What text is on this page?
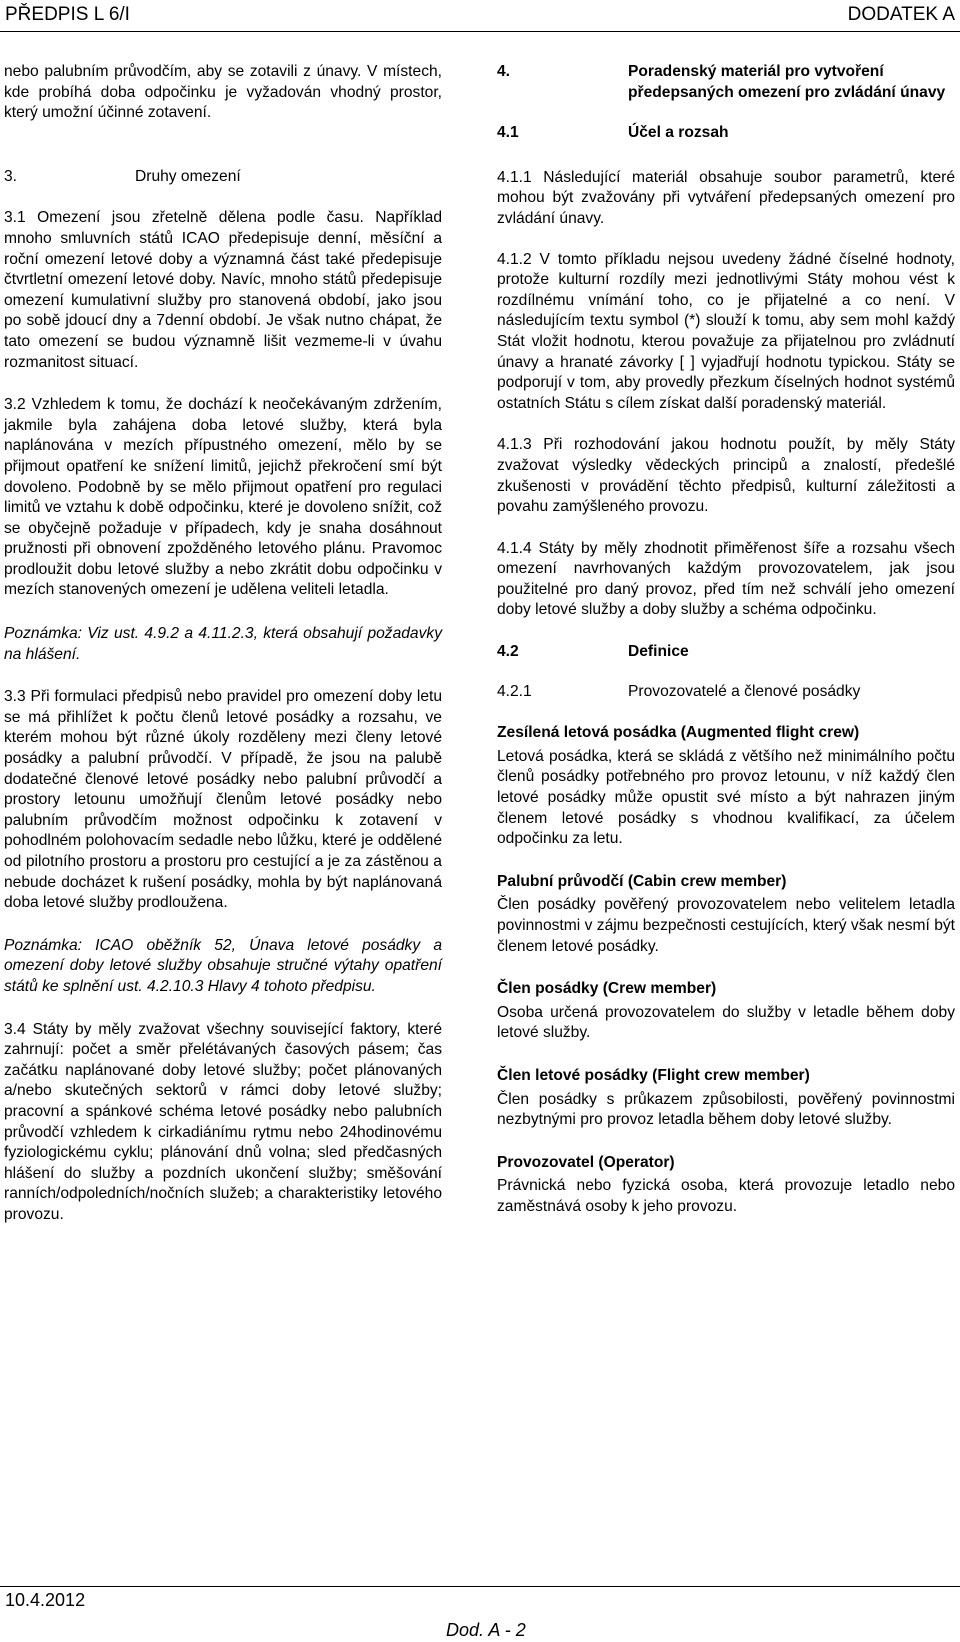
PŘEDPIS L 6/I	DODATEK A

nebo palubním průvodčím, aby se zotavili z únavy. V místech, kde probíhá doba odpočinku je vyžadován vhodný prostor, který umožní účinné zotavení.

3.	Druhy omezení

3.1 Omezení jsou zřetelně dělena podle času. Například mnoho smluvních států ICAO předepisuje denní, měsíční a roční omezení letové doby a významná část také předepisuje čtvrtletní omezení letové doby. Navíc, mnoho států předepisuje omezení kumulativní služby pro stanovená období, jako jsou po sobě jdoucí dny a 7denní období. Je však nutno chápat, že tato omezení se budou významně lišit vezmeme-li v úvahu rozmanitost situací.

3.2 Vzhledem k tomu, že dochází k neočekávaným zdržením, jakmile byla zahájena doba letové služby, která byla naplánována v mezích přípustného omezení, mělo by se přijmout opatření ke snížení limitů, jejichž překročení smí být dovoleno. Podobně by se mělo přijmout opatření pro regulaci limitů ve vztahu k době odpočinku, které je dovoleno snížit, což se obyčejně požaduje v případech, kdy je snaha dosáhnout pružnosti při obnovení zpožděného letového plánu. Pravomoc prodloužit dobu letové služby a nebo zkrátit dobu odpočinku v mezích stanovených omezení je udělena veliteli letadla.

Poznámka: Viz ust. 4.9.2 a 4.11.2.3, která obsahují požadavky na hlášení.

3.3 Při formulaci předpisů nebo pravidel pro omezení doby letu se má přihlížet k počtu členů letové posádky a rozsahu, ve kterém mohou být různé úkoly rozděleny mezi členy letové posádky a palubní průvodčí. V případě, že jsou na palubě dodatečné členové letové posádky nebo palubní průvodčí a prostory letounu umožňují členům letové posádky nebo palubním průvodčím možnost odpočinku k zotavení v pohodlném polohovacím sedadle nebo lůžku, které je oddělené od pilotního prostoru a prostoru pro cestující a je za zástěnou a nebude docházet k rušení posádky, mohla by být naplánovaná doba letové služby prodloužena.

Poznámka: ICAO oběžník 52, Únava letové posádky a omezení doby letové služby obsahuje stručné výtahy opatření států ke splnění ust. 4.2.10.3 Hlavy 4 tohoto předpisu.

3.4 Státy by měly zvažovat všechny související faktory, které zahrnují: počet a směr přelétávaných časových pásem; čas začátku naplánované doby letové služby; počet plánovaných a/nebo skutečných sektorů v rámci doby letové služby; pracovní a spánkové schéma letové posádky nebo palubních průvodčí vzhledem k cirkadiánímu rytmu nebo 24hodinovému fyziologickému cyklu; plánování dnů volna; sled předčasných hlášení do služby a pozdních ukončení služby; směšování ranních/odpoledních/nočních služeb; a charakteristiky letového provozu.

4.	Poradenský materiál pro vytvoření předepsaných omezení pro zvládání únavy
4.1	Účel a rozsah

4.1.1 Následující materiál obsahuje soubor parametrů, které mohou být zvažovány při vytváření předepsaných omezení pro zvládání únavy.

4.1.2 V tomto příkladu nejsou uvedeny žádné číselné hodnoty, protože kulturní rozdíly mezi jednotlivými Státy mohou vést k rozdílnému vnímání toho, co je přijatelné a co není. V následujícím textu symbol (*) slouží k tomu, aby sem mohl každý Stát vložit hodnotu, kterou považuje za přijatelnou pro zvládnutí únavy a hranaté závorky [ ] vyjadřují hodnotu typickou. Státy se podporují v tom, aby provedly přezkum číselných hodnot systémů ostatních Státu s cílem získat další poradenský materiál.

4.1.3 Při rozhodování jakou hodnotu použít, by měly Státy zvažovat výsledky vědeckých principů a znalostí, předešlé zkušenosti v provádění těchto předpisů, kulturní záležitosti a povahu zamýšleného provozu.

4.1.4 Státy by měly zhodnotit přiměřenost šíře a rozsahu všech omezení navrhovaných každým provozovatelem, jak jsou použitelné pro daný provoz, před tím než schválí jeho omezení doby letové služby a doby služby a schéma odpočinku.

4.2	Definice
4.2.1	Provozovatelé a členové posádky

Zesílená letová posádka (Augmented flight crew)

Letová posádka, která se skládá z většího než minimálního počtu členů posádky potřebného pro provoz letounu, v níž každý člen letové posádky může opustit své místo a být nahrazen jiným členem letové posádky s vhodnou kvalifikací, za účelem odpočinku za letu.

Palubní průvodčí (Cabin crew member)

Člen posádky pověřený provozovatelem nebo velitelem letadla povinnostmi v zájmu bezpečnosti cestujících, který však nesmí být členem letové posádky.

Člen posádky (Crew member)

Osoba určená provozovatelem do služby v letadle během doby letové služby.

Člen letové posádky (Flight crew member)

Člen posádky s průkazem způsobilosti, pověřený povinnostmi nezbytnými pro provoz letadla během doby letové služby.

Provozovatel (Operator)

Právnická nebo fyzická osoba, která provozuje letadlo nebo zaměstnává osoby k jeho provozu.

10.4.2012
Dod. A - 2
